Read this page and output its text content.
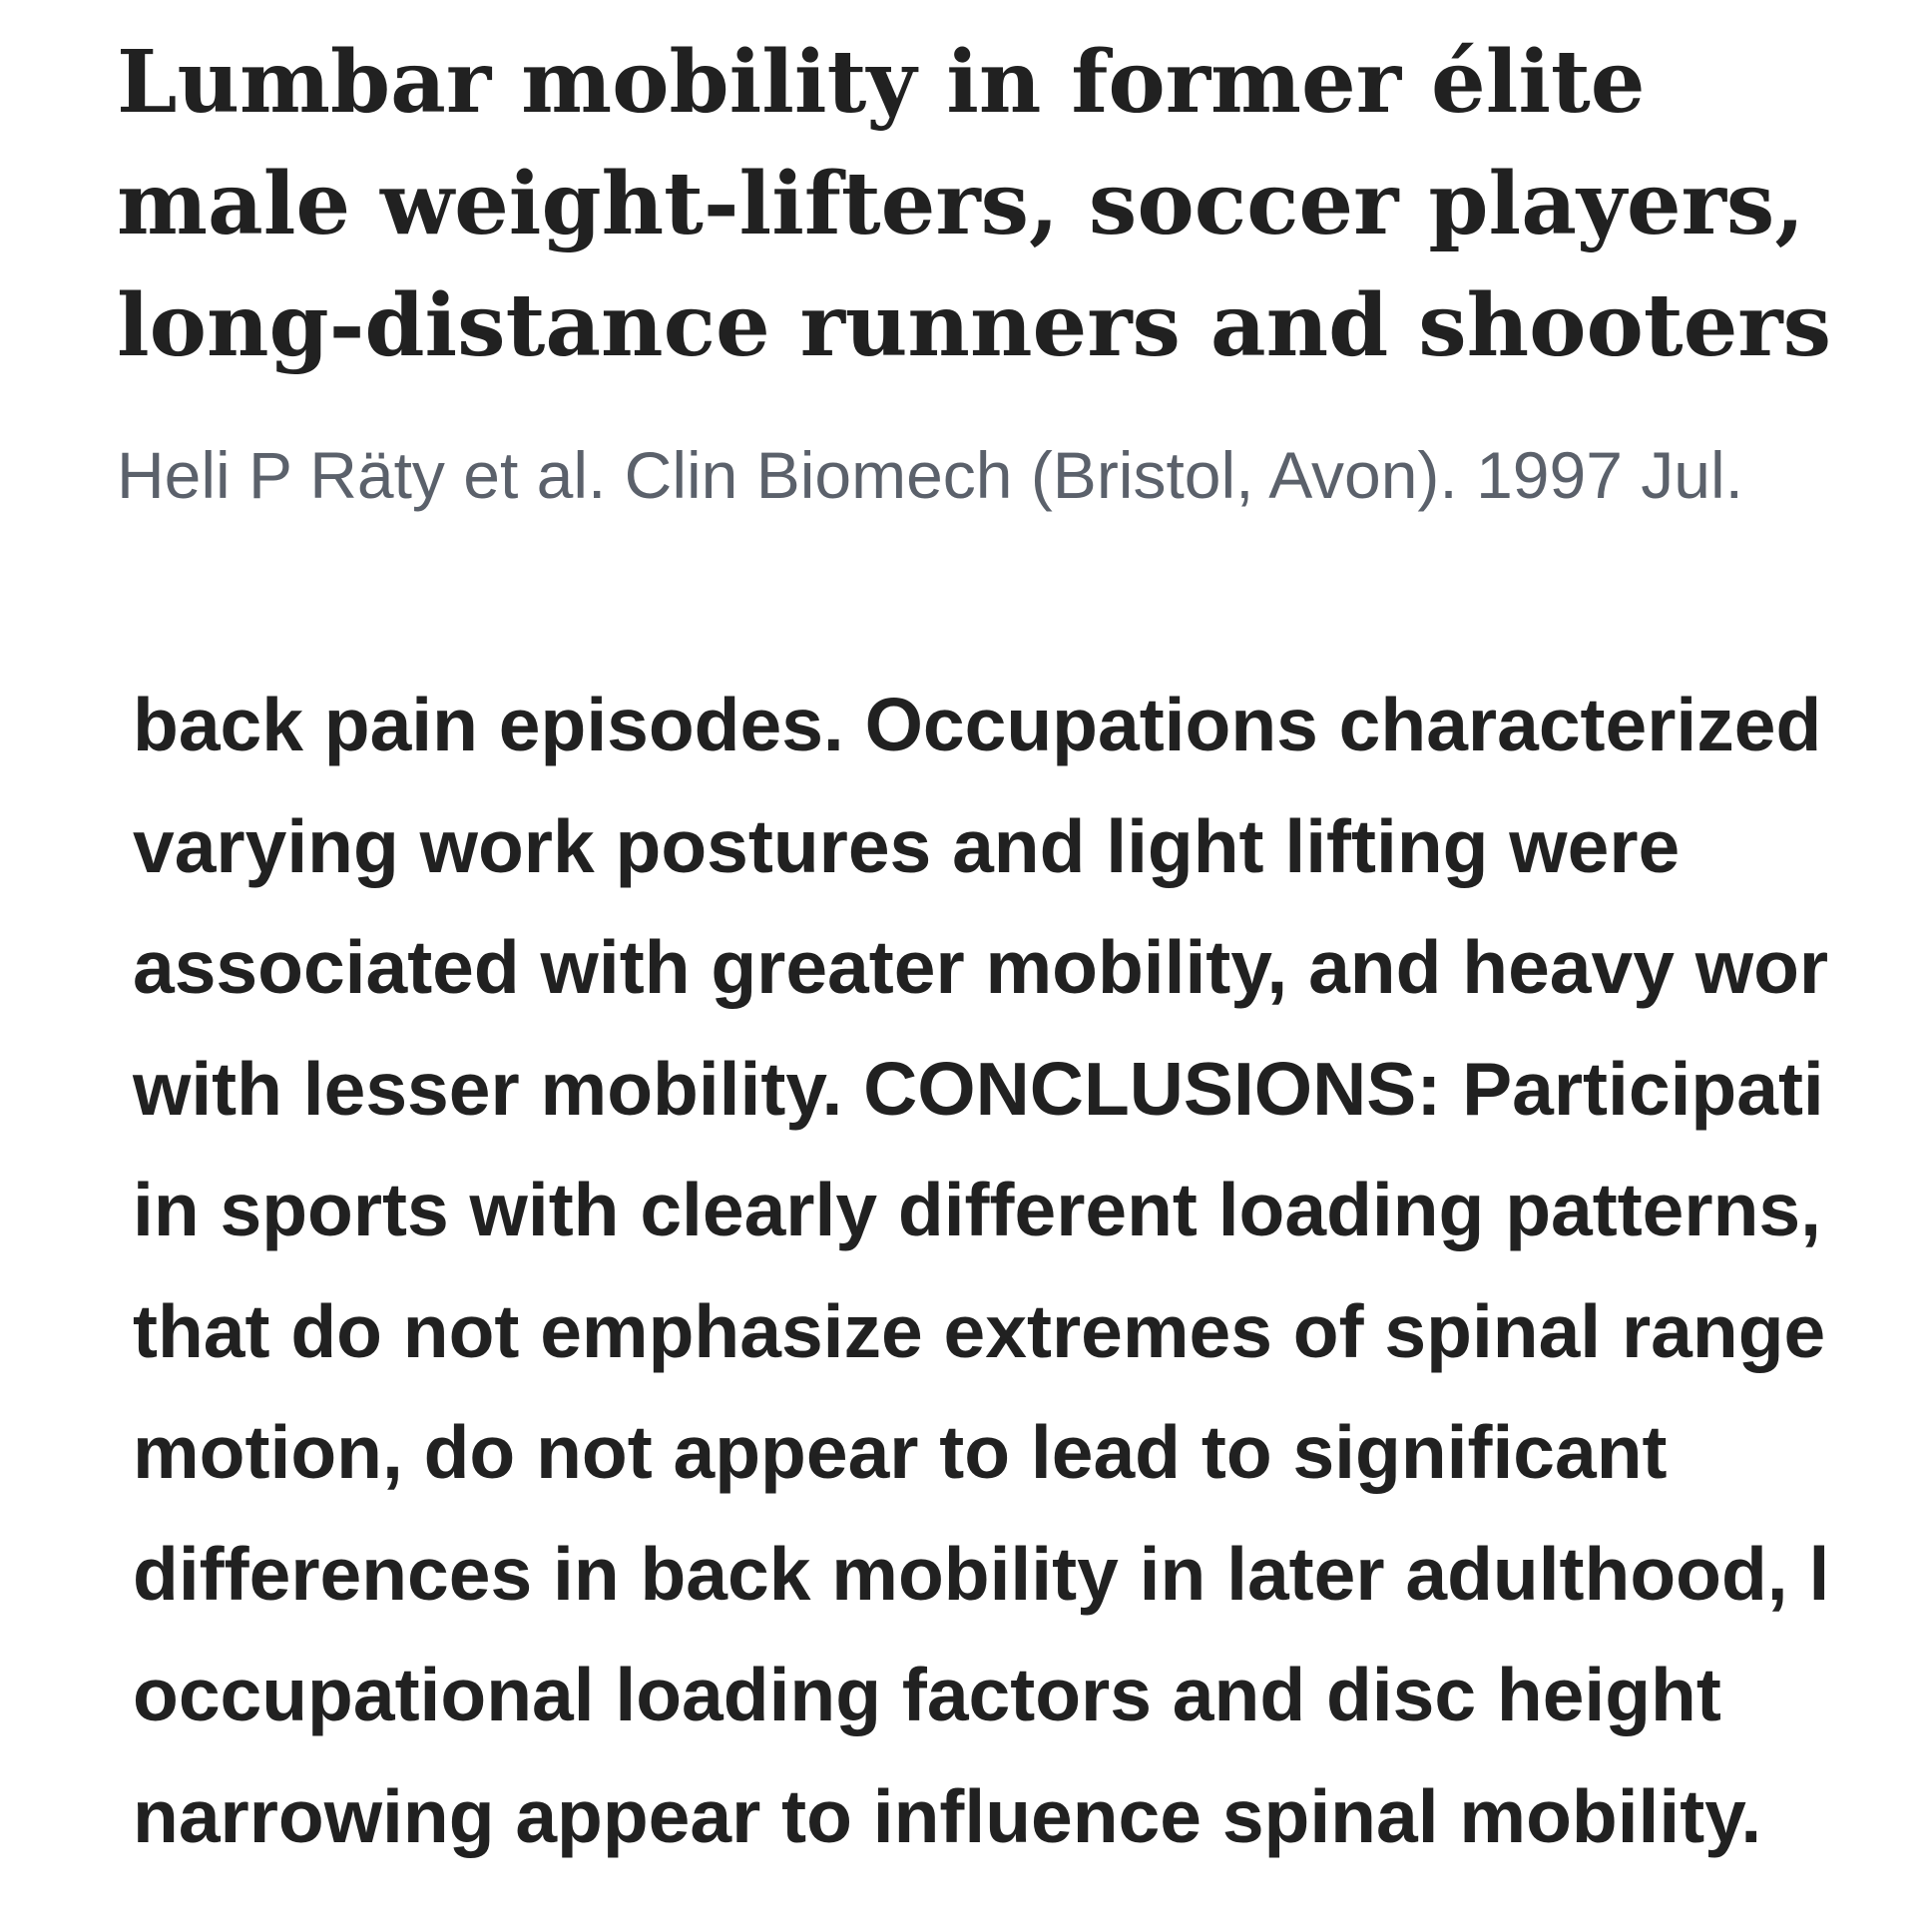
Lumbar mobility in former élite male weight-lifters, soccer players, long-distance runners and shooters

Heli P Räty et al. Clin Biomech (Bristol, Avon). 1997 Jul.

back pain episodes. Occupations characterized
varying work postures and light lifting were
associated with greater mobility, and heavy wor
with lesser mobility. CONCLUSIONS: Participati
in sports with clearly different loading patterns,
that do not emphasize extremes of spinal range
motion, do not appear to lead to significant
differences in back mobility in later adulthood, l
occupational loading factors and disc height
narrowing appear to influence spinal mobility.
